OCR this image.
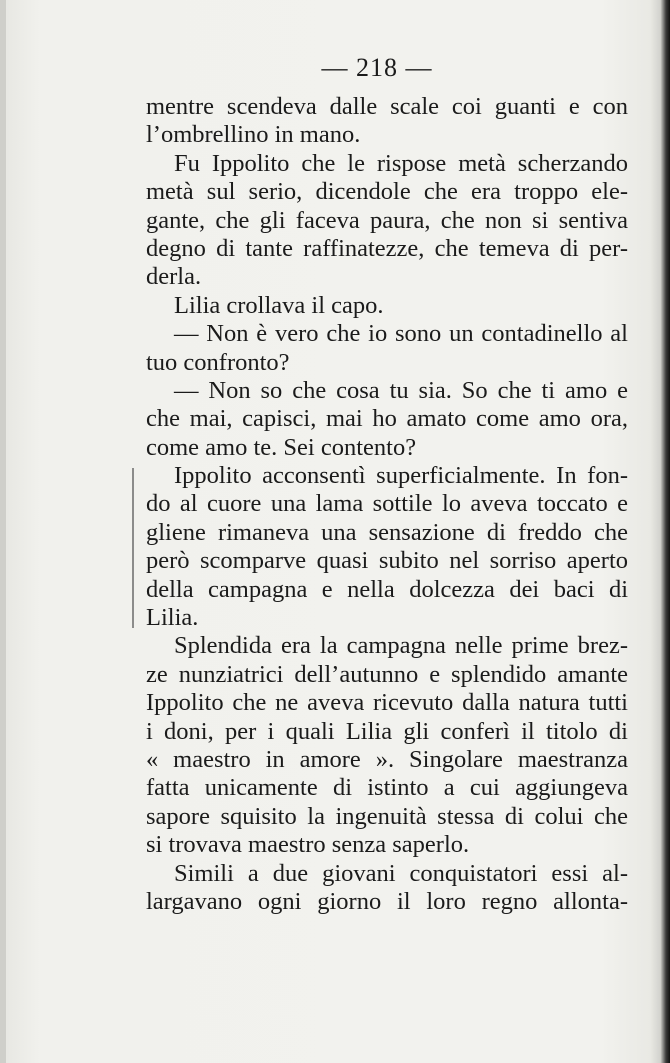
— 218 —
mentre scendeva dalle scale coi guanti e con
l’ombrellino in mano.
Fu Ippolito che le rispose metà scherzando
metà sul serio, dicendole che era troppo ele-
gante, che gli faceva paura, che non si sentiva
degno di tante raffinatezze, che temeva di per-
derla.
Lilia crollava il capo.
— Non è vero che io sono un contadinello al
tuo confronto?
— Non so che cosa tu sia. So che ti amo e
che mai, capisci, mai ho amato come amo ora,
come amo te. Sei contento?
Ippolito acconsentì superficialmente. In fon-
do al cuore una lama sottile lo aveva toccato e
gliene rimaneva una sensazione di freddo che
però scomparve quasi subito nel sorriso aperto
della campagna e nella dolcezza dei baci di
Lilia.
Splendida era la campagna nelle prime brez-
ze nunziatrici dell’autunno e splendido amante
Ippolito che ne aveva ricevuto dalla natura tutti
i doni, per i quali Lilia gli conferì il titolo di
« maestro in amore ». Singolare maestranza
fatta unicamente di istinto a cui aggiungeva
sapore squisito la ingenuità stessa di colui che
si trovava maestro senza saperlo.
Simili a due giovani conquistatori essi al-
largavano ogni giorno il loro regno allonta-
